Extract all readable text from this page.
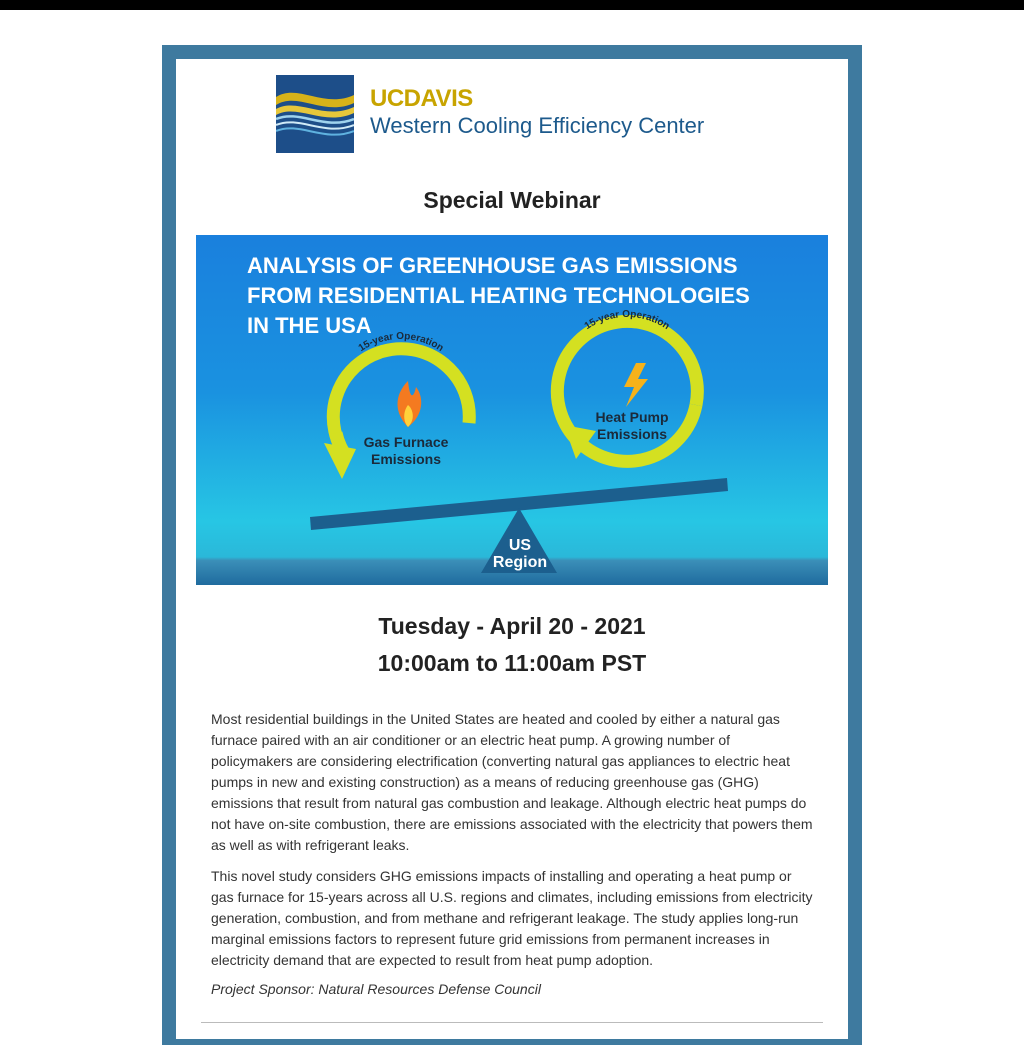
UCDAVIS
Western Cooling Efficiency Center
Special Webinar
ANALYSIS OF GREENHOUSE GAS EMISSIONS
FROM RESIDENTIAL HEATING TECHNOLOGIES
IN THE USA
15-year Operation
Gas Furnace
Emissions
15-year Operation
Heat Pump
Emissions
US
Region
Tuesday - April 20 - 2021
10:00am to 11:00am PST

Most residential buildings in the United States are heated and cooled by either a natural gas furnace paired with an air conditioner or an electric heat pump. A growing number of policymakers are considering electrification (converting natural gas appliances to electric heat pumps in new and existing construction) as a means of reducing greenhouse gas (GHG) emissions that result from natural gas combustion and leakage. Although electric heat pumps do not have on-site combustion, there are emissions associated with the electricity that powers them as well as with refrigerant leaks.

This novel study considers GHG emissions impacts of installing and operating a heat pump or gas furnace for 15-years across all U.S. regions and climates, including emissions from electricity generation, combustion, and from methane and refrigerant leakage. The study applies long-run marginal emissions factors to represent future grid emissions from permanent increases in electricity demand that are expected to result from heat pump adoption.

Project Sponsor: Natural Resources Defense Council
